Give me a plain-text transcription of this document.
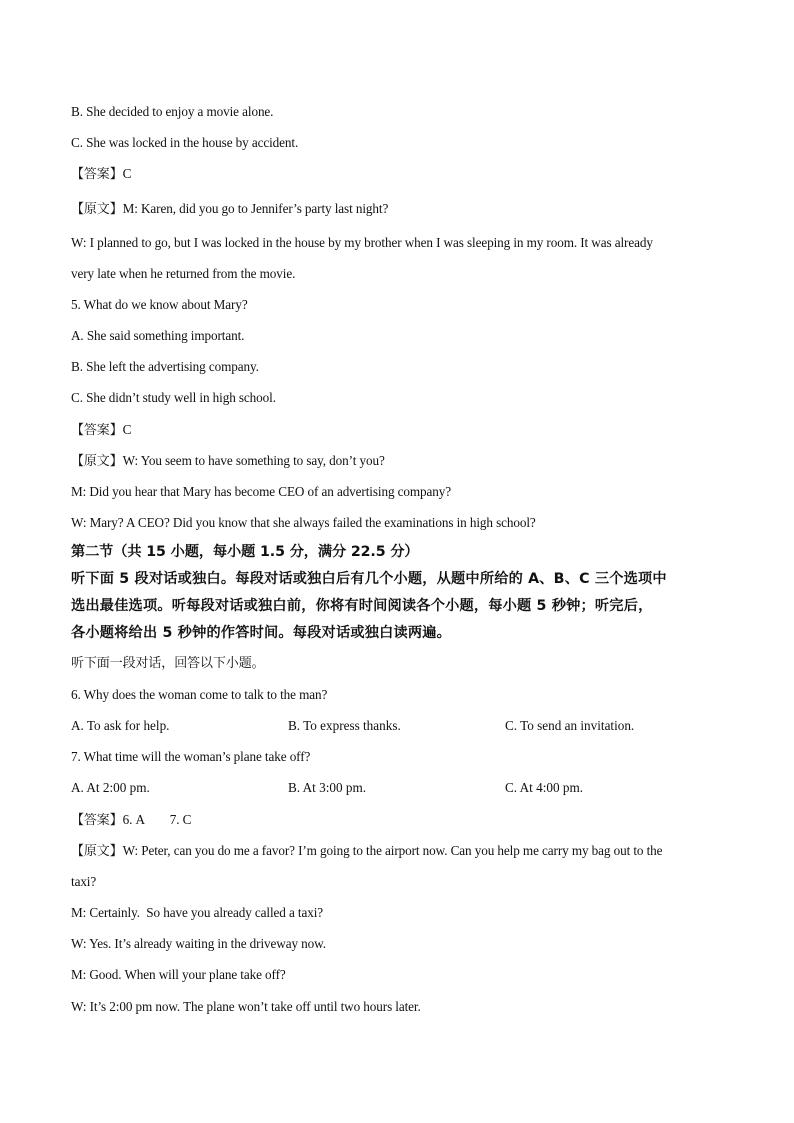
B. She decided to enjoy a movie alone.
C. She was locked in the house by accident.
【答案】C
【原文】M: Karen, did you go to Jennifer’s party last night?
W: I planned to go, but I was locked in the house by my brother when I was sleeping in my room. It was already
very late when he returned from the movie.
5. What do we know about Mary?
A. She said something important.
B. She left the advertising company.
C. She didn’t study well in high school.
【答案】C
【原文】W: You seem to have something to say, don’t you?
M: Did you hear that Mary has become CEO of an advertising company?
W: Mary? A CEO? Did you know that she always failed the examinations in high school?
第二节（共 15 小题，每小题 1.5 分，满分 22.5 分）
听下面 5 段对话或独白。每段对话或独白后有几个小题，从题中所给的 A、B、C 三个选项中
选出最佳选项。听每段对话或独白前，你将有时间阅读各个小题，每小题 5 秒钟；听完后，
各小题将给出 5 秒钟的作答时间。每段对话或独白读两遍。
听下面一段对话，回答以下小题。
6. Why does the woman come to talk to the man?
A. To ask for help.	B. To express thanks.	C. To send an invitation.
7. What time will the woman’s plane take off?
A. At 2:00 pm.	B. At 3:00 pm.	C. At 4:00 pm.
【答案】6. A        7. C
【原文】W: Peter, can you do me a favor? I’m going to the airport now. Can you help me carry my bag out to the
taxi?
M: Certainly.  So have you already called a taxi?
W: Yes. It’s already waiting in the driveway now.
M: Good. When will your plane take off?
W: It’s 2:00 pm now. The plane won’t take off until two hours later.
